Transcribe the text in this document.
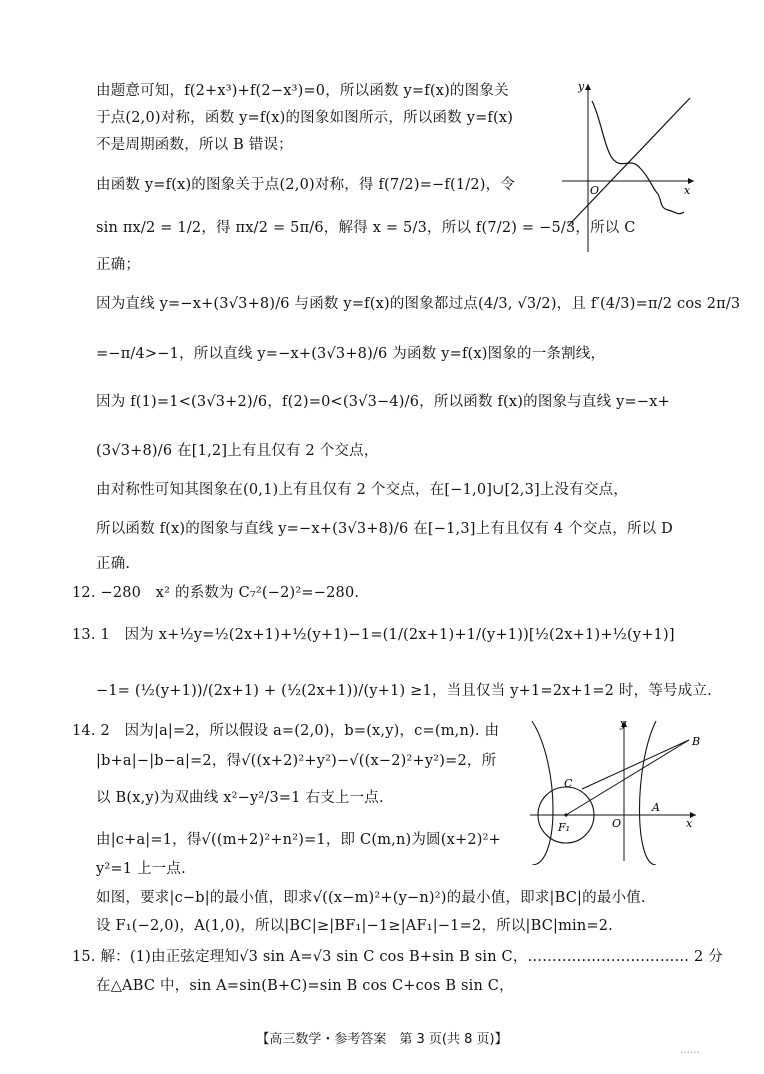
由题意可知，f(2+x³)+f(2−x³)=0，所以函数 y=f(x)的图象关
于点(2,0)对称，函数 y=f(x)的图象如图所示，所以函数 y=f(x)
不是周期函数，所以 B 错误；
由函数 y=f(x)的图象关于点(2,0)对称，得 f(7/2)=−f(1/2)，令
sin πx/2 = 1/2，得 πx/2 = 5π/6，解得 x = 5/3，所以 f(7/2) = −5/3，所以 C
正确；
因为直线 y=−x+(3√3+8)/6 与函数 y=f(x)的图象都过点(4/3, √3/2)，且 f′(4/3)=π/2 cos 2π/3
=−π/4>−1，所以直线 y=−x+(3√3+8)/6 为函数 y=f(x)图象的一条割线，
因为 f(1)=1<(3√3+2)/6，f(2)=0<(3√3−4)/6，所以函数 f(x)的图象与直线 y=−x+
(3√3+8)/6 在[1,2]上有且仅有 2 个交点，
由对称性可知其图象在(0,1)上有且仅有 2 个交点，在[−1,0]∪[2,3]上没有交点，
所以函数 f(x)的图象与直线 y=−x+(3√3+8)/6 在[−1,3]上有且仅有 4 个交点，所以 D
正确.
12. −280　x² 的系数为 C₇²(−2)²=−280.
13. 1　因为 x+½y=½(2x+1)+½(y+1)−1=(1/(2x+1)+1/(y+1))[½(2x+1)+½(y+1)]
−1= (½(y+1))/(2x+1) + (½(2x+1))/(y+1) ≥1，当且仅当 y+1=2x+1=2 时，等号成立.
14. 2　因为|a|=2，所以假设 a=(2,0)，b=(x,y)，c=(m,n). 由
|b+a|−|b−a|=2，得√((x+2)²+y²)−√((x−2)²+y²)=2，所
以 B(x,y)为双曲线 x²−y²/3=1 右支上一点.
由|c+a|=1，得√((m+2)²+n²)=1，即 C(m,n)为圆(x+2)²+
y²=1 上一点.
如图，要求|c−b|的最小值，即求√((x−m)²+(y−n)²)的最小值，即求|BC|的最小值.
设 F₁(−2,0)，A(1,0)，所以|BC|≥|BF₁|−1≥|AF₁|−1=2，所以|BC|min=2.
15. 解：(1)由正弦定理知√3 sin A=√3 sin C cos B+sin B sin C，…………………………… 2 分
在△ABC 中，sin A=sin(B+C)=sin B cos C+cos B sin C，
y
x
O
y
x
O
B
C
A
F₁
【高三数学・参考答案　第 3 页(共 8 页)】
……
